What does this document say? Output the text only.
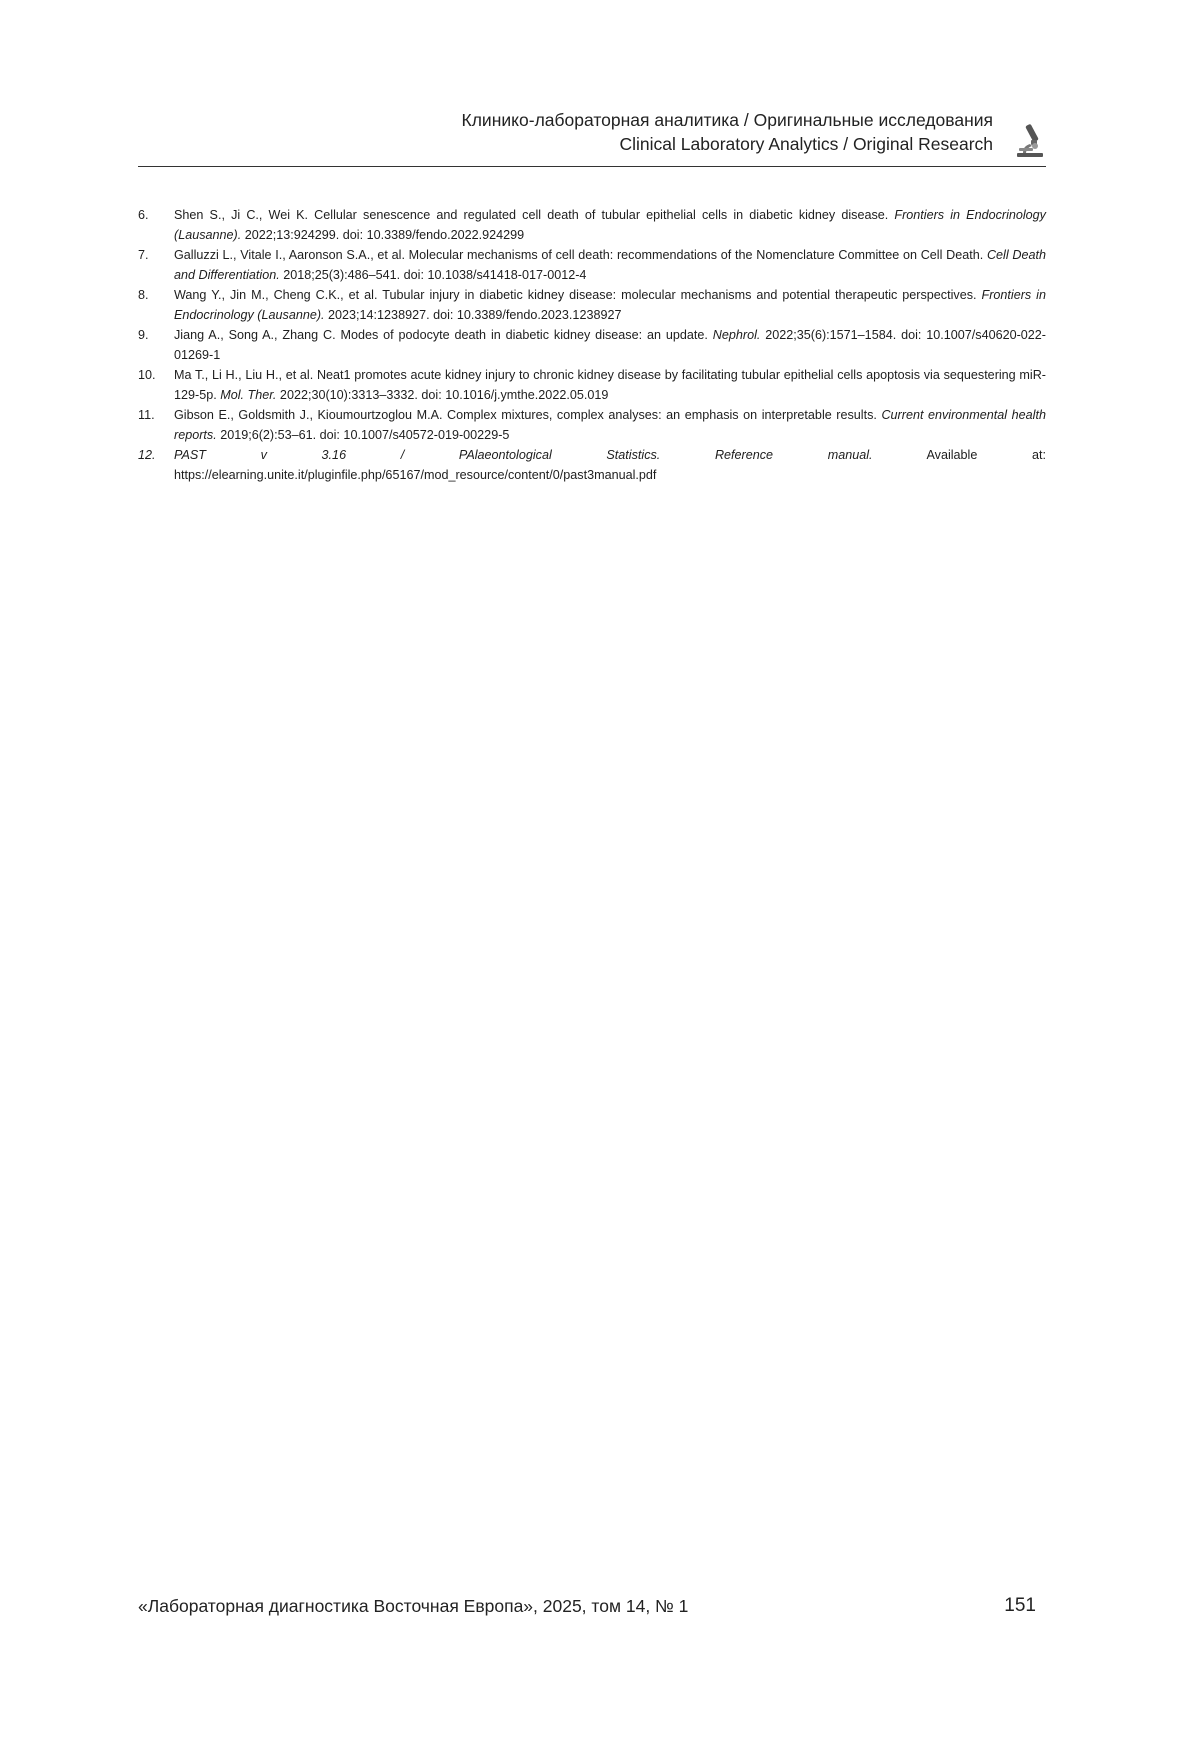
Клинико-лабораторная аналитика / Оригинальные исследования
Clinical Laboratory Analytics / Original Research
6. Shen S., Ji C., Wei K. Cellular senescence and regulated cell death of tubular epithelial cells in diabetic kidney disease. Frontiers in Endocrinology (Lausanne). 2022;13:924299. doi: 10.3389/fendo.2022.924299
7. Galluzzi L., Vitale I., Aaronson S.A., et al. Molecular mechanisms of cell death: recommendations of the Nomenclature Committee on Cell Death. Cell Death and Differentiation. 2018;25(3):486–541. doi: 10.1038/s41418-017-0012-4
8. Wang Y., Jin M., Cheng C.K., et al. Tubular injury in diabetic kidney disease: molecular mechanisms and potential therapeutic perspectives. Frontiers in Endocrinology (Lausanne). 2023;14:1238927. doi: 10.3389/fendo.2023.1238927
9. Jiang A., Song A., Zhang C. Modes of podocyte death in diabetic kidney disease: an update. Nephrol. 2022;35(6):1571–1584. doi: 10.1007/s40620-022-01269-1
10. Ma T., Li H., Liu H., et al. Neat1 promotes acute kidney injury to chronic kidney disease by facilitating tubular epithelial cells apoptosis via sequestering miR-129-5p. Mol. Ther. 2022;30(10):3313–3332. doi: 10.1016/j.ymthe.2022.05.019
11. Gibson E., Goldsmith J., Kioumourtzoglou M.A. Complex mixtures, complex analyses: an emphasis on interpretable results. Current environmental health reports. 2019;6(2):53–61. doi: 10.1007/s40572-019-00229-5
12. PAST v 3.16 / PAlaeontological Statistics. Reference manual. Available at: https://elearning.unite.it/pluginfile.php/65167/mod_resource/content/0/past3manual.pdf
«Лабораторная диагностика Восточная Европа», 2025, том 14, № 1	151
